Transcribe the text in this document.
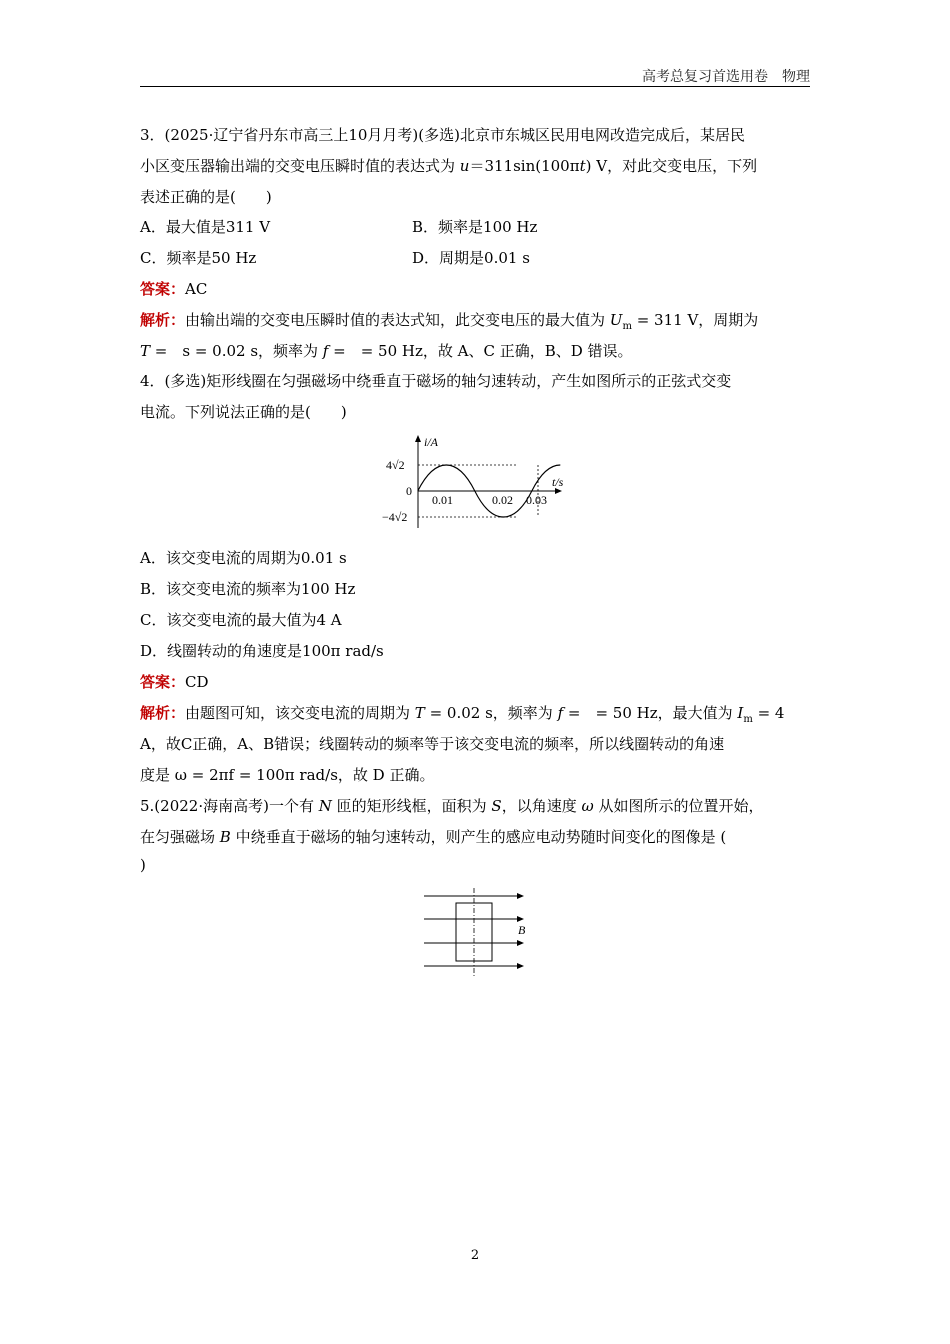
高考总复习首选用卷　物理
3．(2025·辽宁省丹东市高三上10月月考)(多选)北京市东城区民用电网改造完成后，某居民
小区变压器输出端的交变电压瞬时值的表达式为 u＝311sin(100πt) V，对此交变电压，下列
表述正确的是(　　)
A．最大值是311 V	B．频率是100 Hz
C．频率是50 Hz	D．周期是0.01 s
答案：AC
解析：由输出端的交变电压瞬时值的表达式知，此交变电压的最大值为 $U_m = 311$ V，周期为
T =　s = 0.02 s，频率为 f =　= 50 Hz，故 A、C 正确，B、D 错误。
4．(多选)矩形线圈在匀强磁场中绕垂直于磁场的轴匀速转动，产生如图所示的正弦式交变
电流。下列说法正确的是(　　)
i/A
t/s
4√2
−4√2
0
0.01	0.02 0.03
A．该交变电流的周期为0.01 s
B．该交变电流的频率为100 Hz
C．该交变电流的最大值为4 A
D．线圈转动的角速度是100π rad/s
答案：CD
解析：由题图可知，该交变电流的周期为 T = 0.02 s，频率为 f =　= 50 Hz，最大值为 $I_m = 4$
A，故C正确，A、B错误；线圈转动的频率等于该交变电流的频率，所以线圈转动的角速
度是 ω = 2πf = 100π rad/s，故 D 正确。
5.(2022·海南高考)一个有 N 匝的矩形线框，面积为 S，以角速度 ω 从如图所示的位置开始，
在匀强磁场 B 中绕垂直于磁场的轴匀速转动，则产生的感应电动势随时间变化的图像是 (
)
B
2
